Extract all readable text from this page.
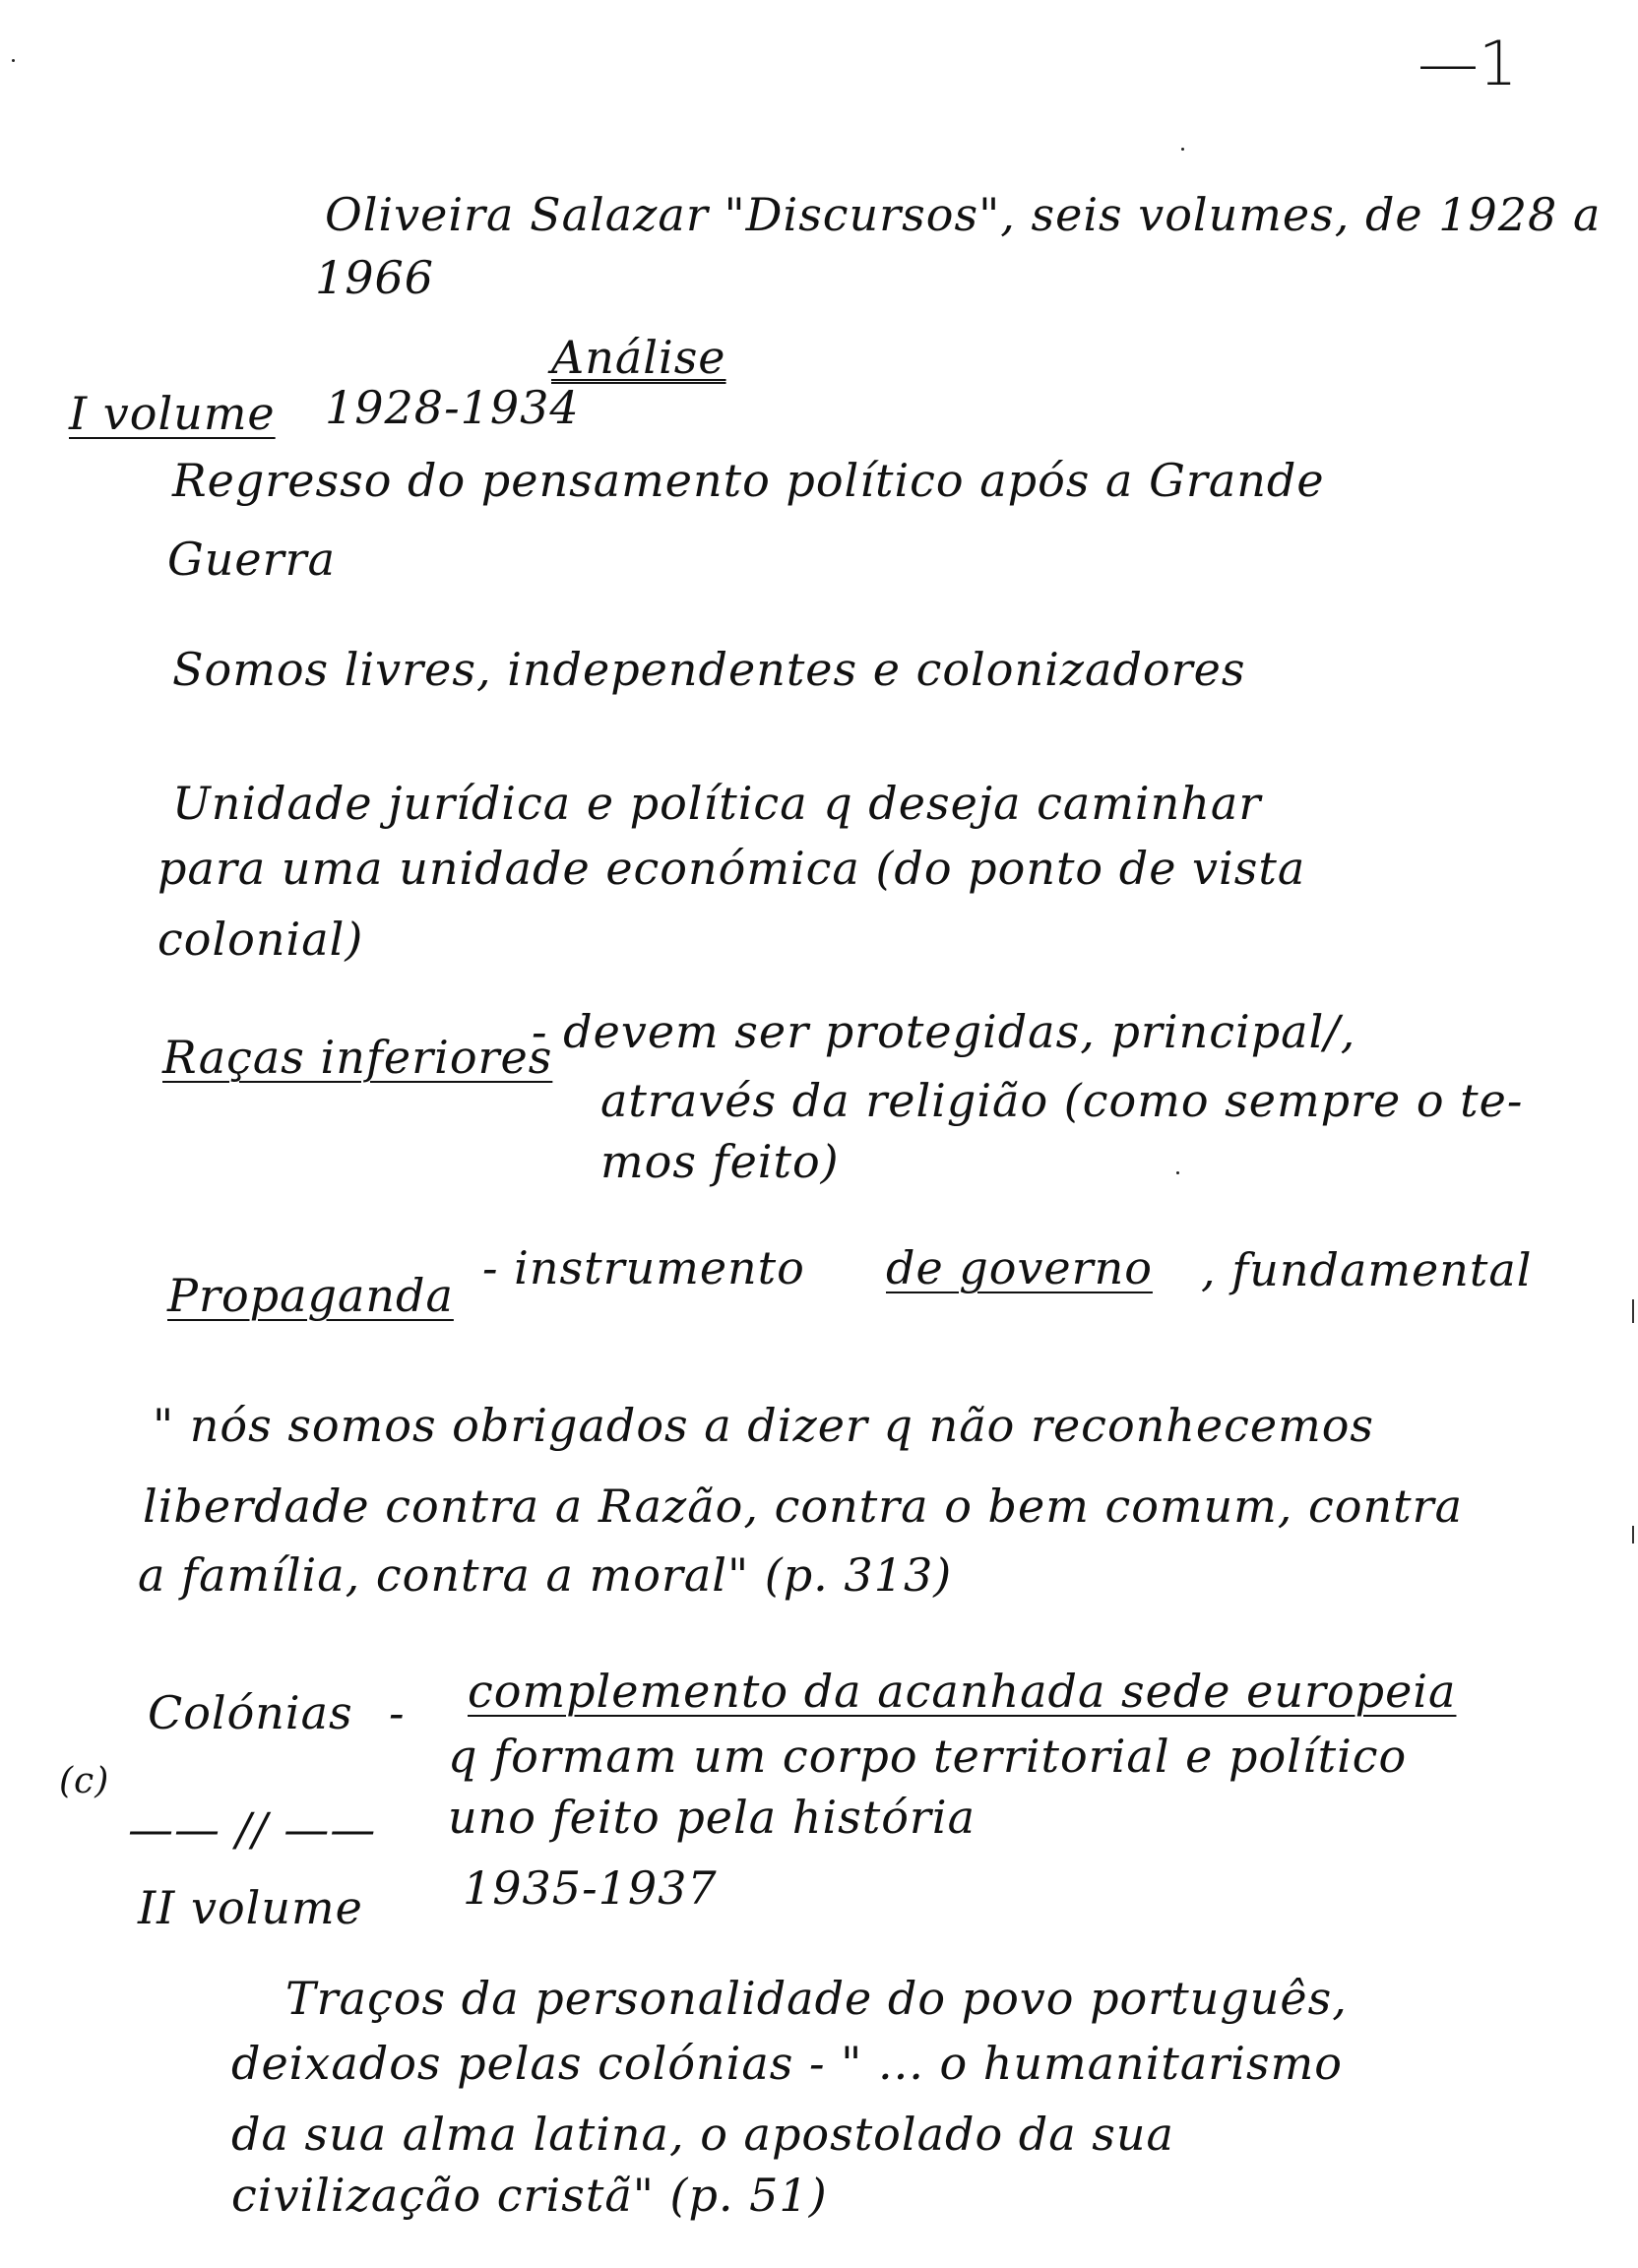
—1
Oliveira Salazar "Discursos", seis volumes, de 1928 a
1966
Análise
I volume 1928-1934
Regresso do pensamento político após a Grande
Guerra
Somos livres, independentes e colonizadores
Unidade jurídica e política q deseja caminhar
para uma unidade económica (do ponto de vista
colonial)
Raças inferiores
- devem ser protegidas, principal/,
através da religião (como sempre o te-
mos feito)
Propaganda
- instrumento de governo , fundamental
" nós somos obrigados a dizer q não reconhecemos
liberdade contra a Razão, contra o bem comum, contra
a família, contra a moral" (p. 313)
Colónias - complemento da acanhada sede europeia
q formam um corpo territorial e político
uno feito pela história
(c)
—— // ——
II volume 1935-1937
Traços da personalidade do povo português,
deixados pelas colónias - " ... o humanitarismo
da sua alma latina, o apostolado da sua
civilização cristã" (p. 51)
